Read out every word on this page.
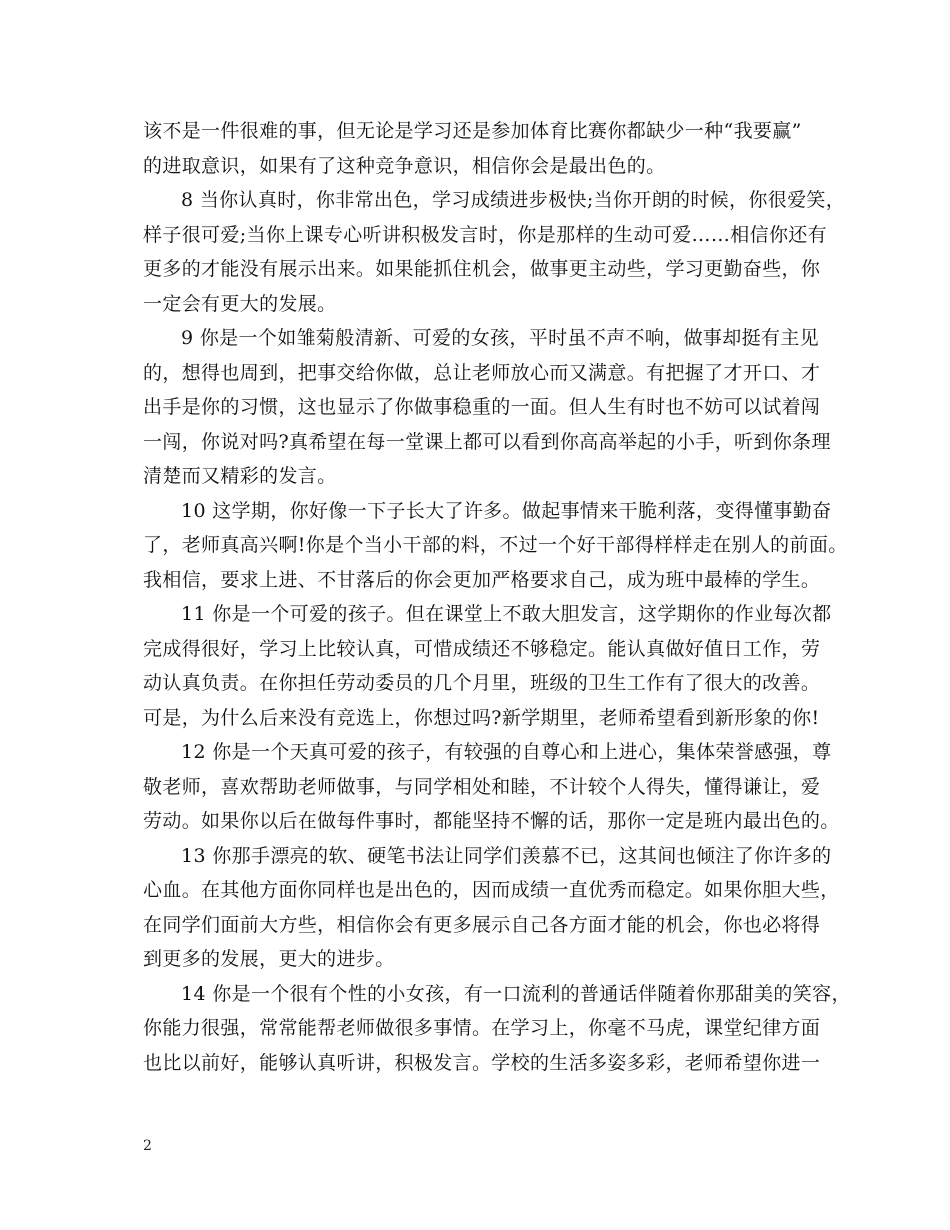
该不是一件很难的事，但无论是学习还是参加体育比赛你都缺少一种“我要赢”
的进取意识，如果有了这种竞争意识，相信你会是最出色的。
8 当你认真时，你非常出色，学习成绩进步极快;当你开朗的时候，你很爱笑，
样子很可爱;当你上课专心听讲积极发言时，你是那样的生动可爱……相信你还有
更多的才能没有展示出来。如果能抓住机会，做事更主动些，学习更勤奋些，你
一定会有更大的发展。
9 你是一个如雏菊般清新、可爱的女孩，平时虽不声不响，做事却挺有主见
的，想得也周到，把事交给你做，总让老师放心而又满意。有把握了才开口、才
出手是你的习惯，这也显示了你做事稳重的一面。但人生有时也不妨可以试着闯
一闯，你说对吗?真希望在每一堂课上都可以看到你高高举起的小手，听到你条理
清楚而又精彩的发言。
10 这学期，你好像一下子长大了许多。做起事情来干脆利落，变得懂事勤奋
了，老师真高兴啊!你是个当小干部的料，不过一个好干部得样样走在别人的前面。
我相信，要求上进、不甘落后的你会更加严格要求自己，成为班中最棒的学生。
11 你是一个可爱的孩子。但在课堂上不敢大胆发言，这学期你的作业每次都
完成得很好，学习上比较认真，可惜成绩还不够稳定。能认真做好值日工作，劳
动认真负责。在你担任劳动委员的几个月里，班级的卫生工作有了很大的改善。
可是，为什么后来没有竞选上，你想过吗?新学期里，老师希望看到新形象的你!
12 你是一个天真可爱的孩子，有较强的自尊心和上进心，集体荣誉感强，尊
敬老师，喜欢帮助老师做事，与同学相处和睦，不计较个人得失，懂得谦让，爱
劳动。如果你以后在做每件事时，都能坚持不懈的话，那你一定是班内最出色的。
13 你那手漂亮的软、硬笔书法让同学们羡慕不已，这其间也倾注了你许多的
心血。在其他方面你同样也是出色的，因而成绩一直优秀而稳定。如果你胆大些，
在同学们面前大方些，相信你会有更多展示自己各方面才能的机会，你也必将得
到更多的发展，更大的进步。
14 你是一个很有个性的小女孩，有一口流利的普通话伴随着你那甜美的笑容，
你能力很强，常常能帮老师做很多事情。在学习上，你毫不马虎，课堂纪律方面
也比以前好，能够认真听讲，积极发言。学校的生活多姿多彩，老师希望你进一
2
